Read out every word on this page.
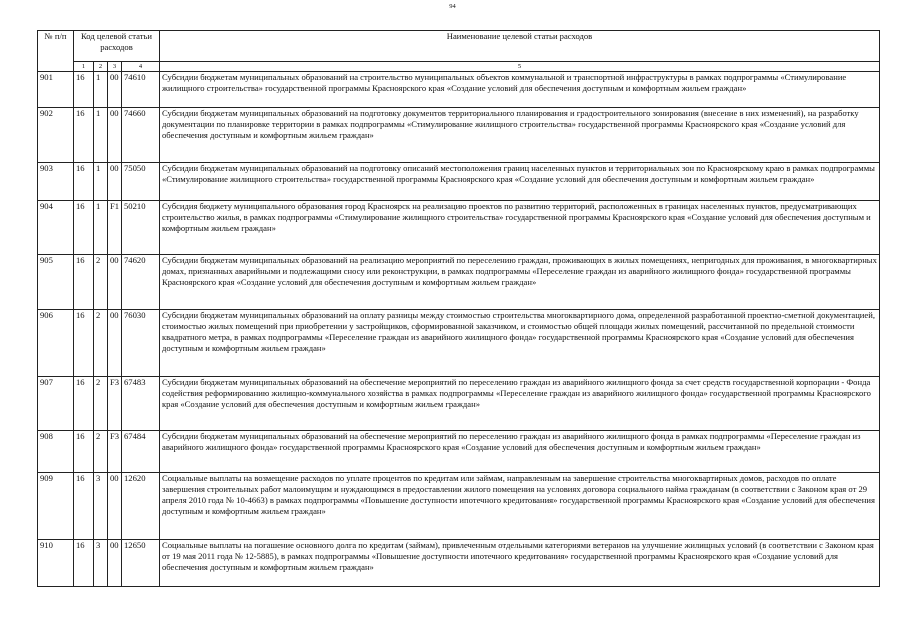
94
№ п/п	Код целевой статьи расходов				Наименование целевой статьи расходов
	1	2	3	4	5
901	16	1	00	74610	Субсидии бюджетам муниципальных образований на строительство муниципальных объектов коммунальной и транспортной инфраструктуры в рамках подпрограммы «Стимулирование жилищного строительства» государственной программы Красноярского края «Создание условий для обеспечения доступным и комфортным жильем граждан»
902	16	1	00	74660	Субсидии бюджетам муниципальных образований на подготовку документов территориального планирования и градостроительного зонирования (внесение в них изменений), на разработку документации по планировке территории в рамках подпрограммы «Стимулирование жилищного строительства» государственной программы Красноярского края «Создание условий для обеспечения доступным и комфортным жильем граждан»
903	16	1	00	75050	Субсидии бюджетам муниципальных образований на подготовку описаний местоположения границ населенных пунктов и территориальных зон по Красноярскому краю в рамках подпрограммы «Стимулирование жилищного строительства» государственной программы Красноярского края «Создание условий для обеспечения доступным и комфортным жильем граждан»
904	16	1	F1	50210	Субсидия бюджету муниципального образования город Красноярск на реализацию проектов по развитию территорий, расположенных в границах населенных пунктов, предусматривающих строительство жилья, в рамках подпрограммы «Стимулирование жилищного строительства» государственной программы Красноярского края «Создание условий для обеспечения доступным и комфортным жильем граждан»
905	16	2	00	74620	Субсидии бюджетам муниципальных образований на реализацию мероприятий по переселению граждан, проживающих в жилых помещениях, непригодных для проживания, в многоквартирных домах, признанных аварийными и подлежащими сносу или реконструкции, в рамках подпрограммы «Переселение граждан из аварийного жилищного фонда» государственной программы Красноярского края «Создание условий для обеспечения доступным и комфортным жильем граждан»
906	16	2	00	76030	Субсидии бюджетам муниципальных образований на оплату разницы между стоимостью строительства многоквартирного дома, определенной разработанной проектно-сметной документацией, стоимостью жилых помещений при приобретении у застройщиков, сформированной заказчиком, и стоимостью общей площади жилых помещений, рассчитанной по предельной стоимости квадратного метра, в рамках подпрограммы «Переселение граждан из аварийного жилищного фонда» государственной программы Красноярского края «Создание условий для обеспечения доступным и комфортным жильем граждан»
907	16	2	F3	67483	Субсидии бюджетам муниципальных образований на обеспечение мероприятий по переселению граждан из аварийного жилищного фонда за счет средств государственной корпорации - Фонда содействия реформированию жилищно-коммунального хозяйства в рамках подпрограммы «Переселение граждан из аварийного жилищного фонда» государственной программы Красноярского края «Создание условий для обеспечения доступным и комфортным жильем граждан»
908	16	2	F3	67484	Субсидии бюджетам муниципальных образований на обеспечение мероприятий по переселению граждан из аварийного жилищного фонда в рамках подпрограммы «Переселение граждан из аварийного жилищного фонда» государственной программы Красноярского края «Создание условий для обеспечения доступным и комфортным жильем граждан»
909	16	3	00	12620	Социальные выплаты на возмещение расходов по уплате процентов по кредитам или займам, направленным на завершение строительства многоквартирных домов, расходов по оплате завершения строительных работ малоимущим и нуждающимся в предоставлении жилого помещения на условиях договора социального найма гражданам (в соответствии с Законом края от 29 апреля 2010 года № 10-4663) в рамках подпрограммы «Повышение доступности ипотечного кредитования» государственной программы Красноярского края «Создание условий для обеспечения доступным и комфортным жильем граждан»
910	16	3	00	12650	Социальные выплаты на погашение основного долга по кредитам (займам), привлеченным отдельными категориями ветеранов на улучшение жилищных условий (в соответствии с Законом края от 19 мая 2011 года № 12-5885), в рамках подпрограммы «Повышение доступности ипотечного кредитования» государственной программы Красноярского края «Создание условий для обеспечения доступным и комфортным жильем граждан»
